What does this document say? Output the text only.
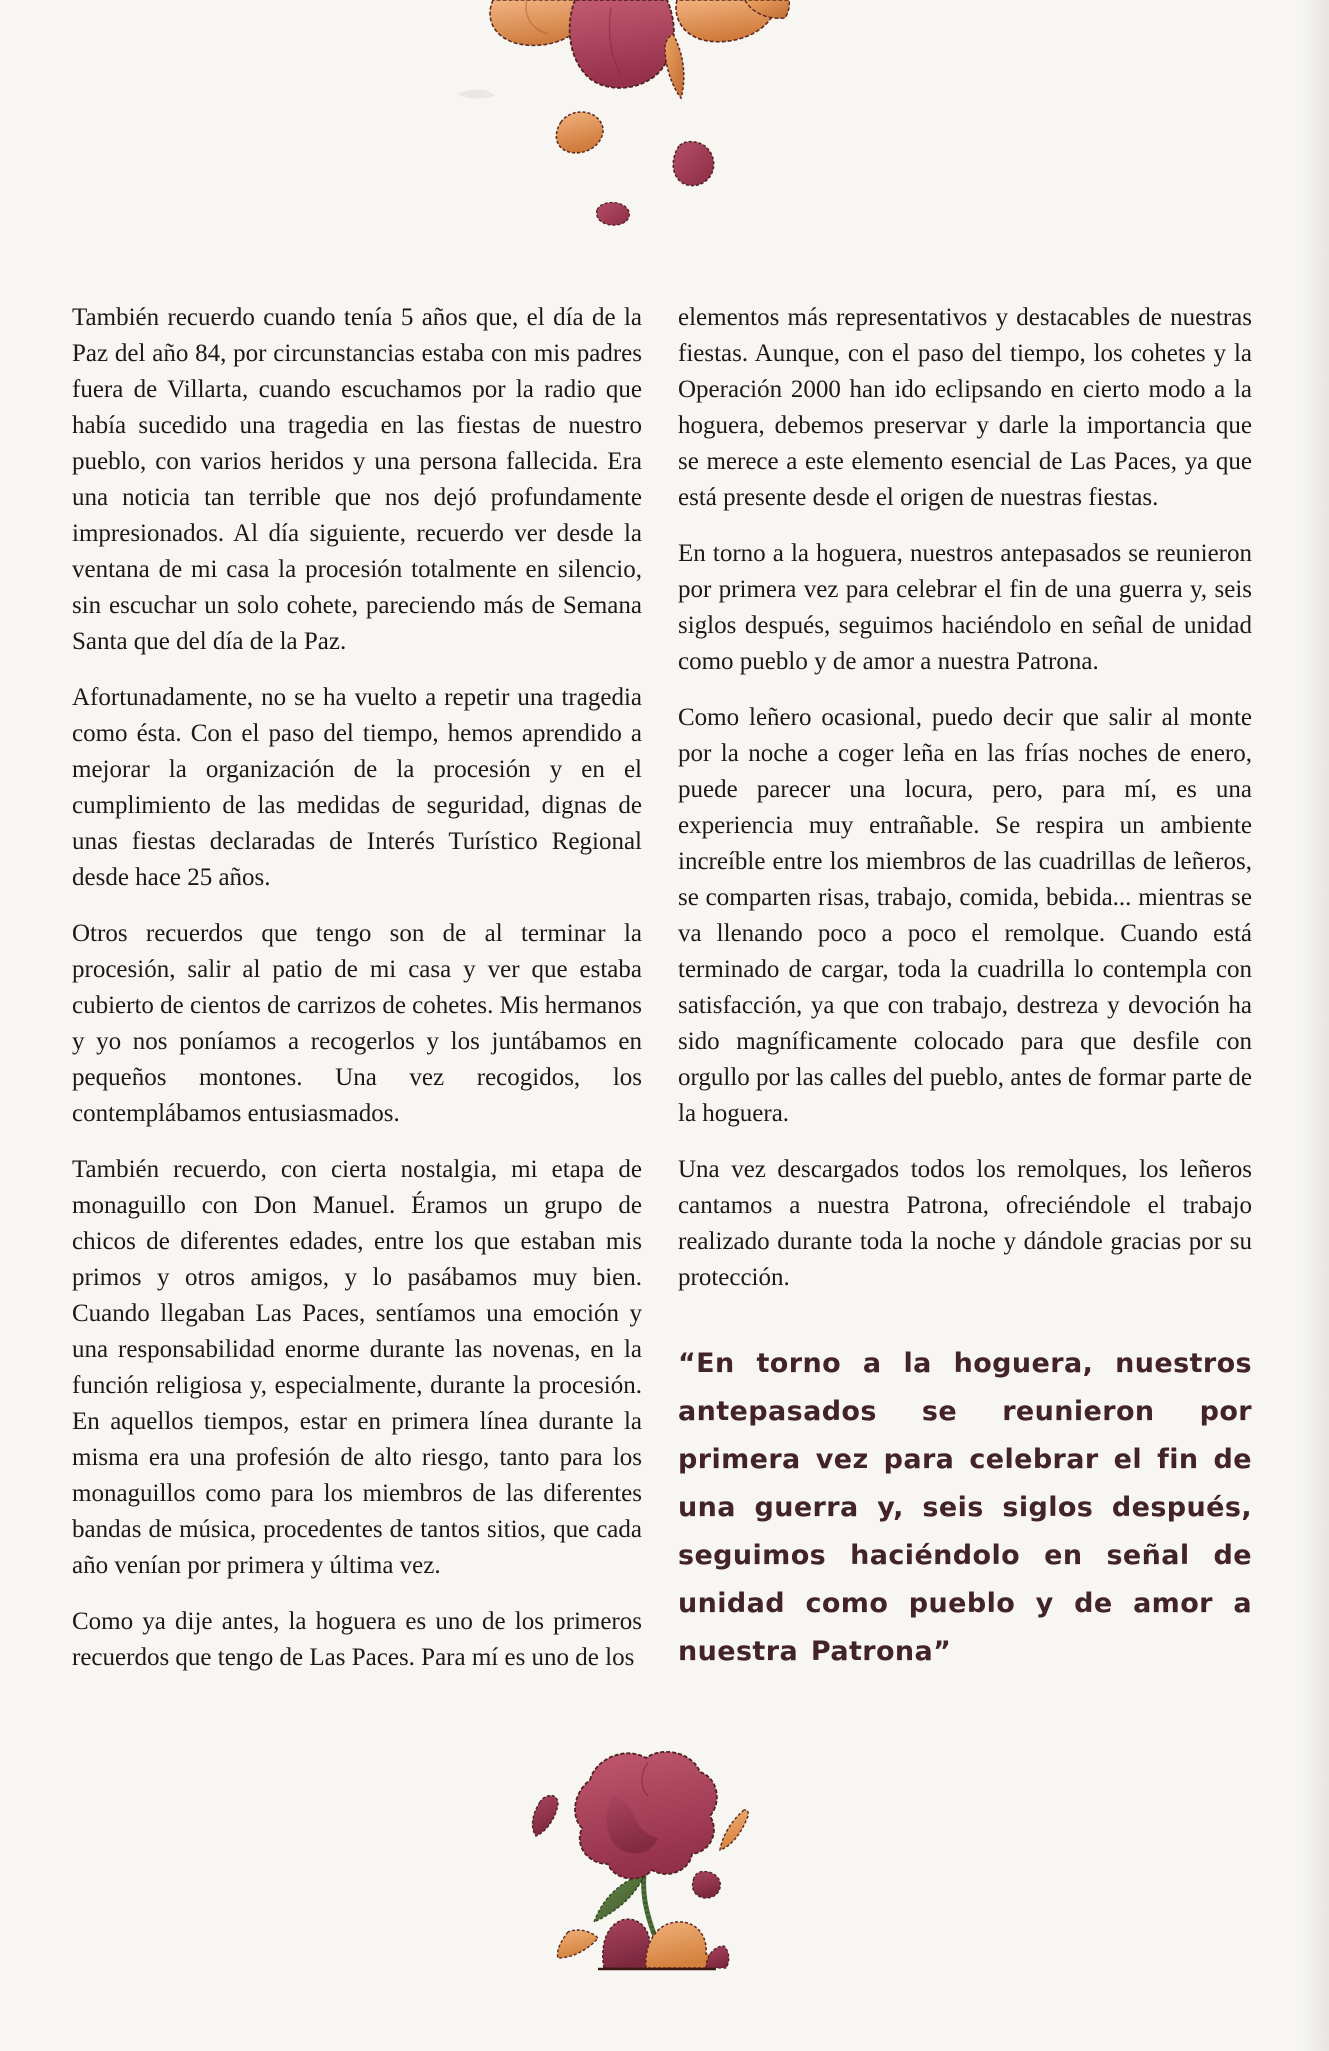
También recuerdo cuando tenía 5 años que, el día de la Paz del año 84, por circunstancias estaba con mis padres fuera de Villarta, cuando escuchamos por la radio que había sucedido una tragedia en las fiestas de nuestro pueblo, con varios heridos y una persona fallecida. Era una noticia tan terrible que nos dejó profundamente impresionados. Al día siguiente, recuerdo ver desde la ventana de mi casa la procesión totalmente en silencio, sin escuchar un solo cohete, pareciendo más de Semana Santa que del día de la Paz.

Afortunadamente, no se ha vuelto a repetir una tragedia como ésta. Con el paso del tiempo, hemos aprendido a mejorar la organización de la procesión y en el cumplimiento de las medidas de seguridad, dignas de unas fiestas declaradas de Interés Turístico Regional desde hace 25 años.

Otros recuerdos que tengo son de al terminar la procesión, salir al patio de mi casa y ver que estaba cubierto de cientos de carrizos de cohetes. Mis hermanos y yo nos poníamos a recogerlos y los juntábamos en pequeños montones. Una vez recogidos, los contemplábamos entusiasmados.

También recuerdo, con cierta nostalgia, mi etapa de monaguillo con Don Manuel. Éramos un grupo de chicos de diferentes edades, entre los que estaban mis primos y otros amigos, y lo pasábamos muy bien. Cuando llegaban Las Paces, sentíamos una emoción y una responsabilidad enorme durante las novenas, en la función religiosa y, especialmente, durante la procesión. En aquellos tiempos, estar en primera línea durante la misma era una profesión de alto riesgo, tanto para los monaguillos como para los miembros de las diferentes bandas de música, procedentes de tantos sitios, que cada año venían por primera y última vez.

Como ya dije antes, la hoguera es uno de los primeros recuerdos que tengo de Las Paces. Para mí es uno de los

elementos más representativos y destacables de nuestras fiestas. Aunque, con el paso del tiempo, los cohetes y la Operación 2000 han ido eclipsando en cierto modo a la hoguera, debemos preservar y darle la importancia que se merece a este elemento esencial de Las Paces, ya que está presente desde el origen de nuestras fiestas.

En torno a la hoguera, nuestros antepasados se reunieron por primera vez para celebrar el fin de una guerra y, seis siglos después, seguimos haciéndolo en señal de unidad como pueblo y de amor a nuestra Patrona.

Como leñero ocasional, puedo decir que salir al monte por la noche a coger leña en las frías noches de enero, puede parecer una locura, pero, para mí, es una experiencia muy entrañable. Se respira un ambiente increíble entre los miembros de las cuadrillas de leñeros, se comparten risas, trabajo, comida, bebida... mientras se va llenando poco a poco el remolque. Cuando está terminado de cargar, toda la cuadrilla lo contempla con satisfacción, ya que con trabajo, destreza y devoción ha sido magníficamente colocado para que desfile con orgullo por las calles del pueblo, antes de formar parte de la hoguera.

Una vez descargados todos los remolques, los leñeros cantamos a nuestra Patrona, ofreciéndole el trabajo realizado durante toda la noche y dándole gracias por su protección.

“En torno a la hoguera, nuestros antepasados se reunieron por primera vez para celebrar el fin de una guerra y, seis siglos después, seguimos haciéndolo en señal de unidad como pueblo y de amor a nuestra Patrona”
